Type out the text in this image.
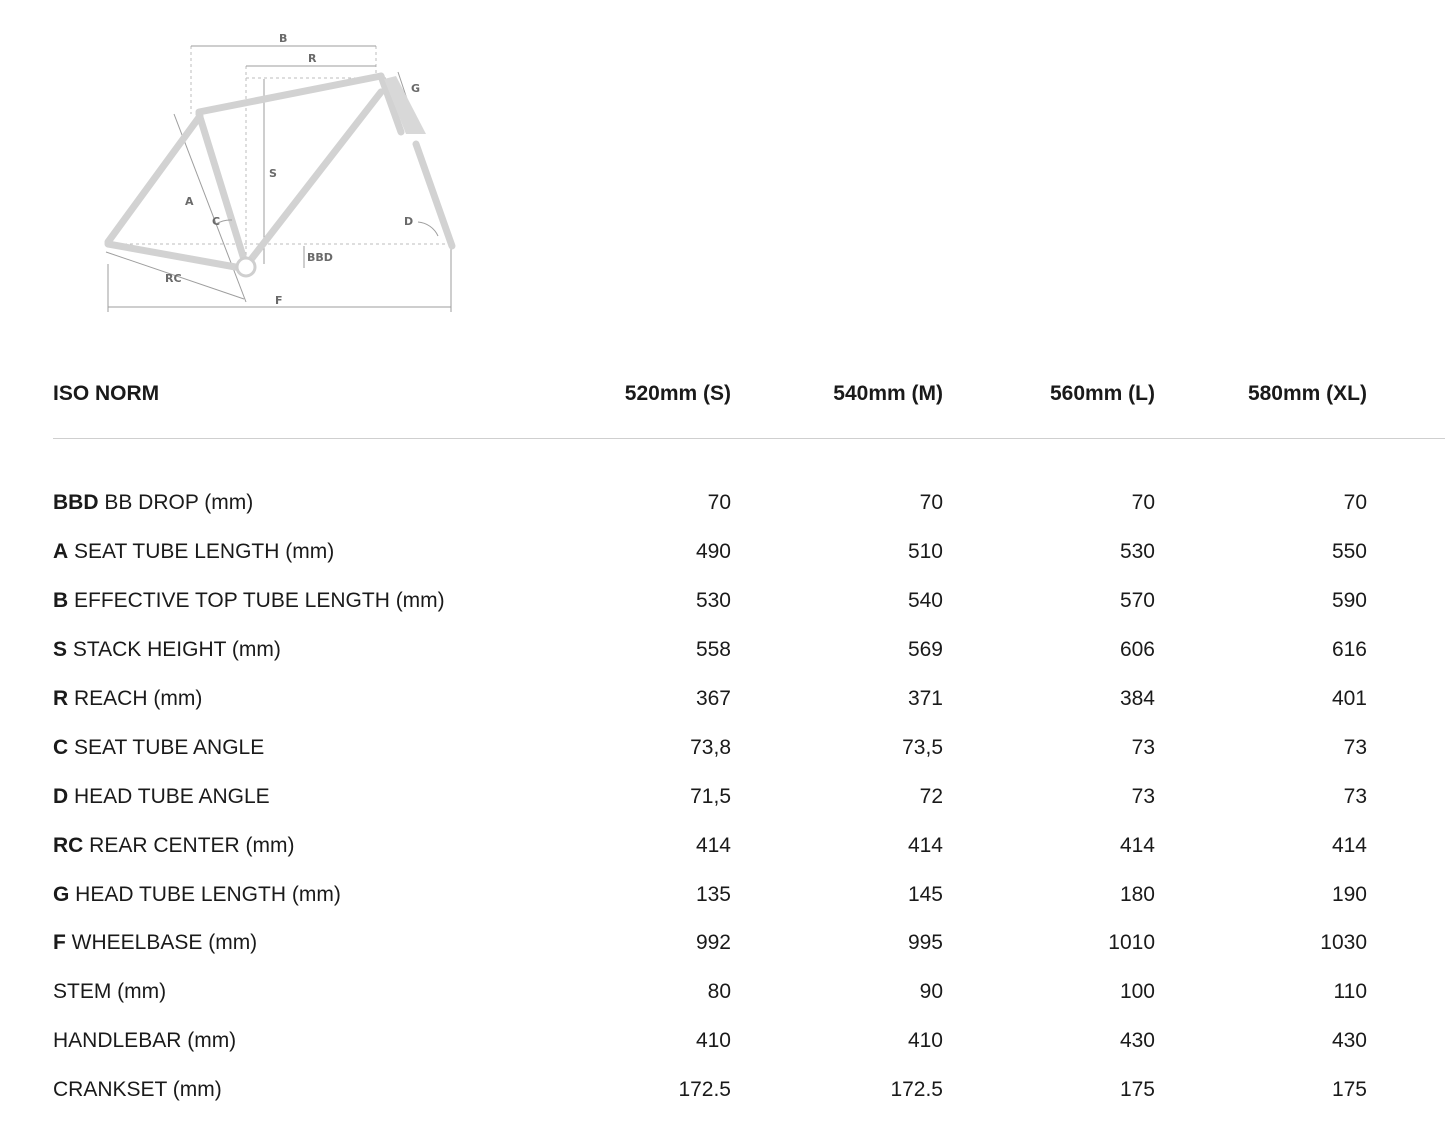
B
R
G
S
A
C	D
BBD
RC
F
ISO NORM	520mm (S)	540mm (M)	560mm (L)	580mm (XL)
BBD BB DROP (mm)	70	70	70	70
A SEAT TUBE LENGTH (mm)	490	510	530	550
B EFFECTIVE TOP TUBE LENGTH (mm)	530	540	570	590
S STACK HEIGHT (mm)	558	569	606	616
R REACH (mm)	367	371	384	401
C SEAT TUBE ANGLE	73,8	73,5	73	73
D HEAD TUBE ANGLE	71,5	72	73	73
RC REAR CENTER (mm)	414	414	414	414
G HEAD TUBE LENGTH (mm)	135	145	180	190
F WHEELBASE (mm)	992	995	1010	1030
STEM (mm)	80	90	100	110
HANDLEBAR (mm)	410	410	430	430
CRANKSET (mm)	172.5	172.5	175	175
